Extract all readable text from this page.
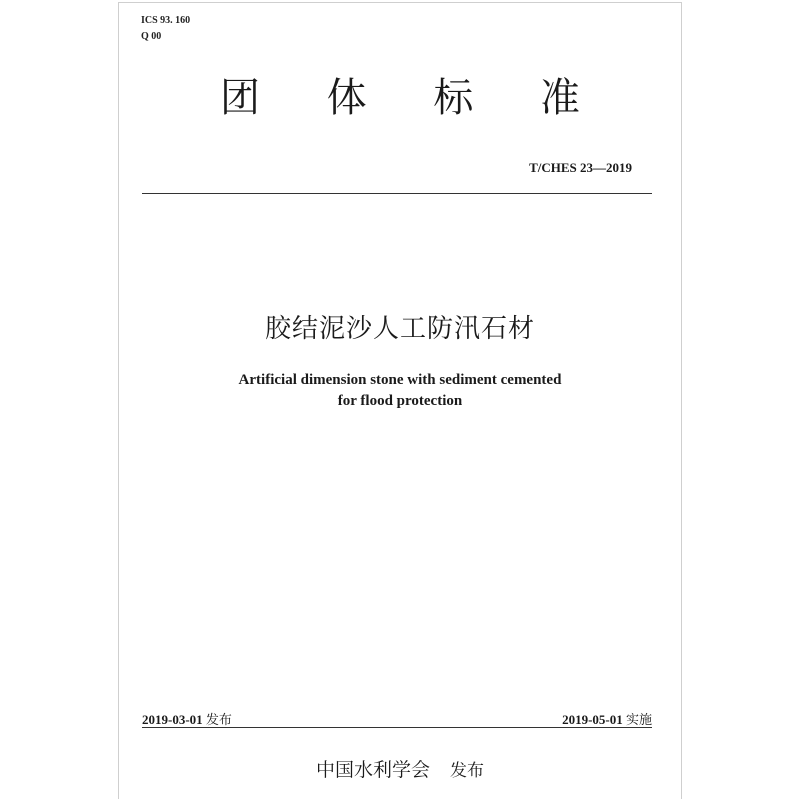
ICS 93. 160
Q 00
团 体 标 准
T/CHES 23—2019
胶结泥沙人工防汛石材
Artificial dimension stone with sediment cemented
for flood protection
2019-03-01 发布	2019-05-01 实施
中国水利学会 发布
